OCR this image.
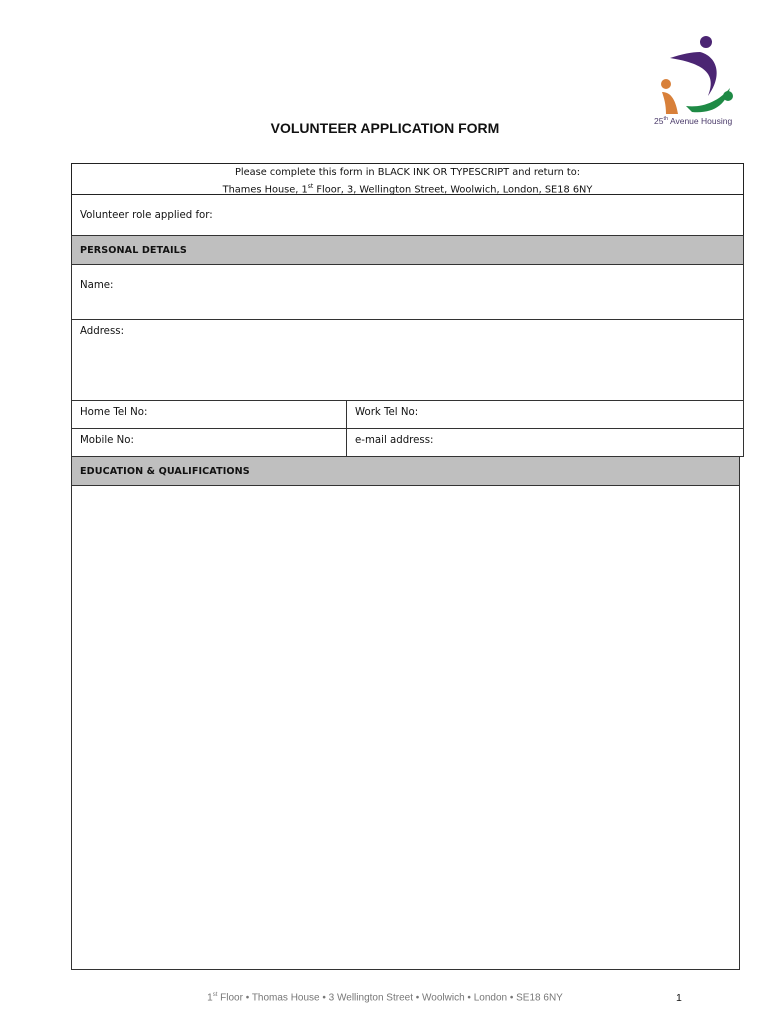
25th Avenue Housing
VOLUNTEER APPLICATION FORM
Please complete this form in BLACK INK OR TYPESCRIPT and return to:
Thames House, 1st Floor, 3, Wellington Street, Woolwich, London, SE18 6NY
Volunteer role applied for:
PERSONAL DETAILS
Name:
Address:
Home Tel No:	Work Tel No:
Mobile No:	e-mail address:
EDUCATION & QUALIFICATIONS
1st Floor • Thomas House • 3 Wellington Street • Woolwich • London • SE18 6NY	1
